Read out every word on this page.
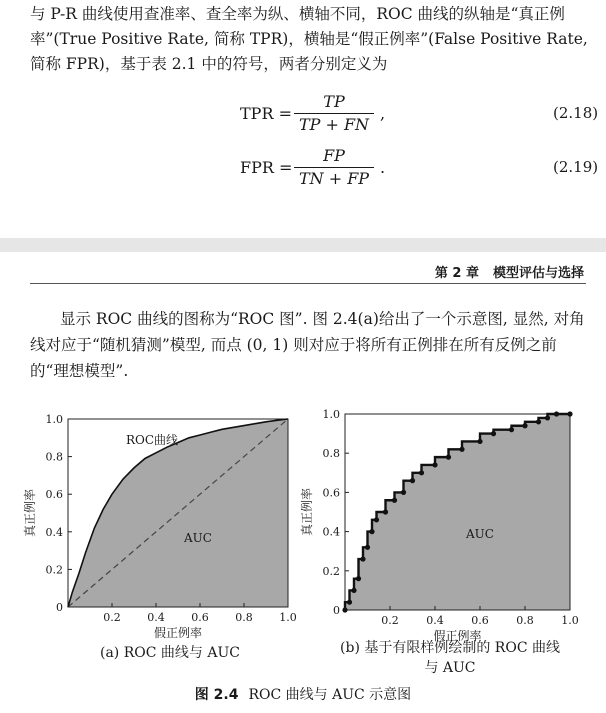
与 P-R 曲线使用查准率、查全率为纵、横轴不同，ROC 曲线的纵轴是“真正例率”(True Positive Rate, 简称 TPR)，横轴是“假正例率”(False Positive Rate, 简称 FPR)，基于表 2.1 中的符号，两者分别定义为

TPR =
TP
TP + FN
,	(2.18)
FPR =
FP
TN + FP
.	(2.19)
第 2 章 模型评估与选择

显示 ROC 曲线的图称为“ROC 图”. 图 2.4(a)给出了一个示意图, 显然, 对角线对应于“随机猜测”模型, 而点 (0, 1) 则对应于将所有正例排在所有反例之前的“理想模型”.

0.2 0.4 0.6 0.8 1.0
0.2
0.4
0.6
0.8
1.0
0
假正例率
真正例率
ROC曲线
AUC
0.2	0.4	0.6	0.8	1.0
0.2
0.4
0.6
0.8
1.0
0
假正例率
真正例率	AUC
(a) ROC 曲线与 AUC	(b) 基于有限样例绘制的 ROC 曲线
与 AUC
图 2.4 ROC 曲线与 AUC 示意图
